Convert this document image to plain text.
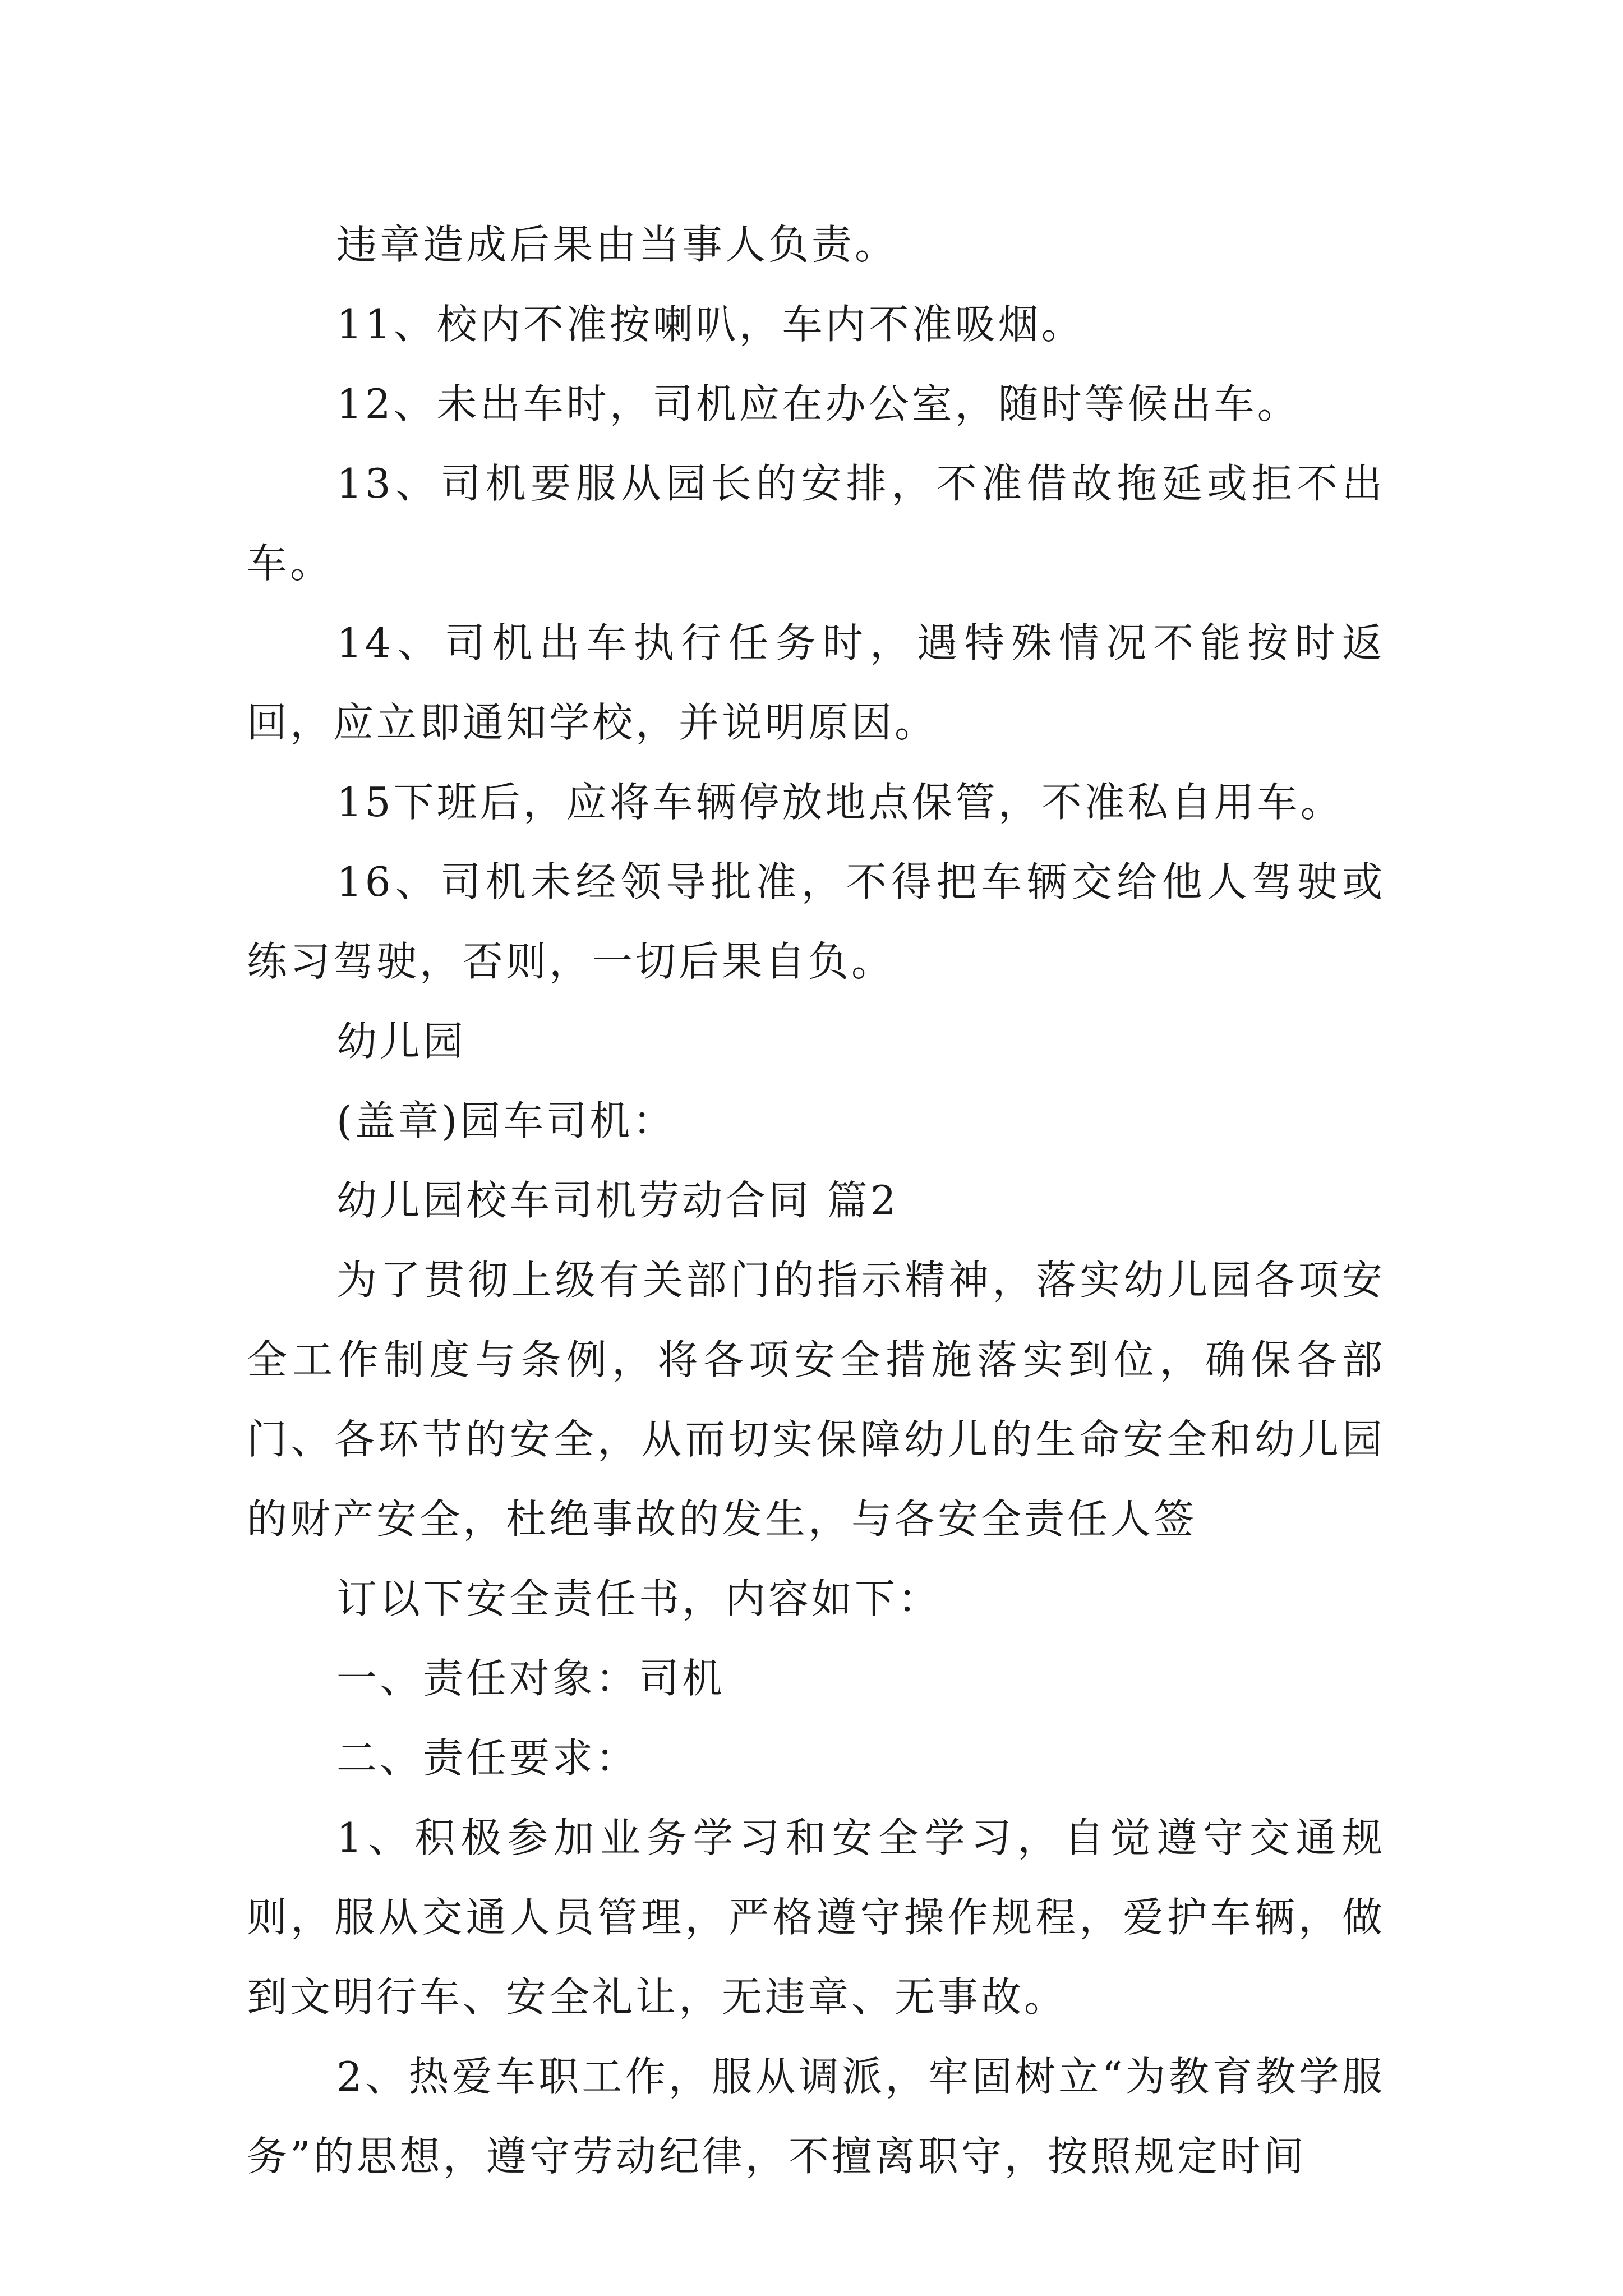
违章造成后果由当事人负责。

11、校内不准按喇叭，车内不准吸烟。

12、未出车时，司机应在办公室，随时等候出车。

13、司机要服从园长的安排，不准借故拖延或拒不出车。

14、司机出车执行任务时，遇特殊情况不能按时返回，应立即通知学校，并说明原因。

15下班后，应将车辆停放地点保管，不准私自用车。

16、司机未经领导批准，不得把车辆交给他人驾驶或练习驾驶，否则，一切后果自负。

幼儿园

(盖章)园车司机：

幼儿园校车司机劳动合同 篇2

为了贯彻上级有关部门的指示精神，落实幼儿园各项安全工作制度与条例，将各项安全措施落实到位，确保各部门、各环节的安全，从而切实保障幼儿的生命安全和幼儿园的财产安全，杜绝事故的发生，与各安全责任人签

订以下安全责任书，内容如下：

一、责任对象：司机

二、责任要求：

1、积极参加业务学习和安全学习，自觉遵守交通规则，服从交通人员管理，严格遵守操作规程，爱护车辆，做到文明行车、安全礼让，无违章、无事故。

2、热爱车职工作，服从调派，牢固树立“为教育教学服务”的思想，遵守劳动纪律，不擅离职守，按照规定时间
